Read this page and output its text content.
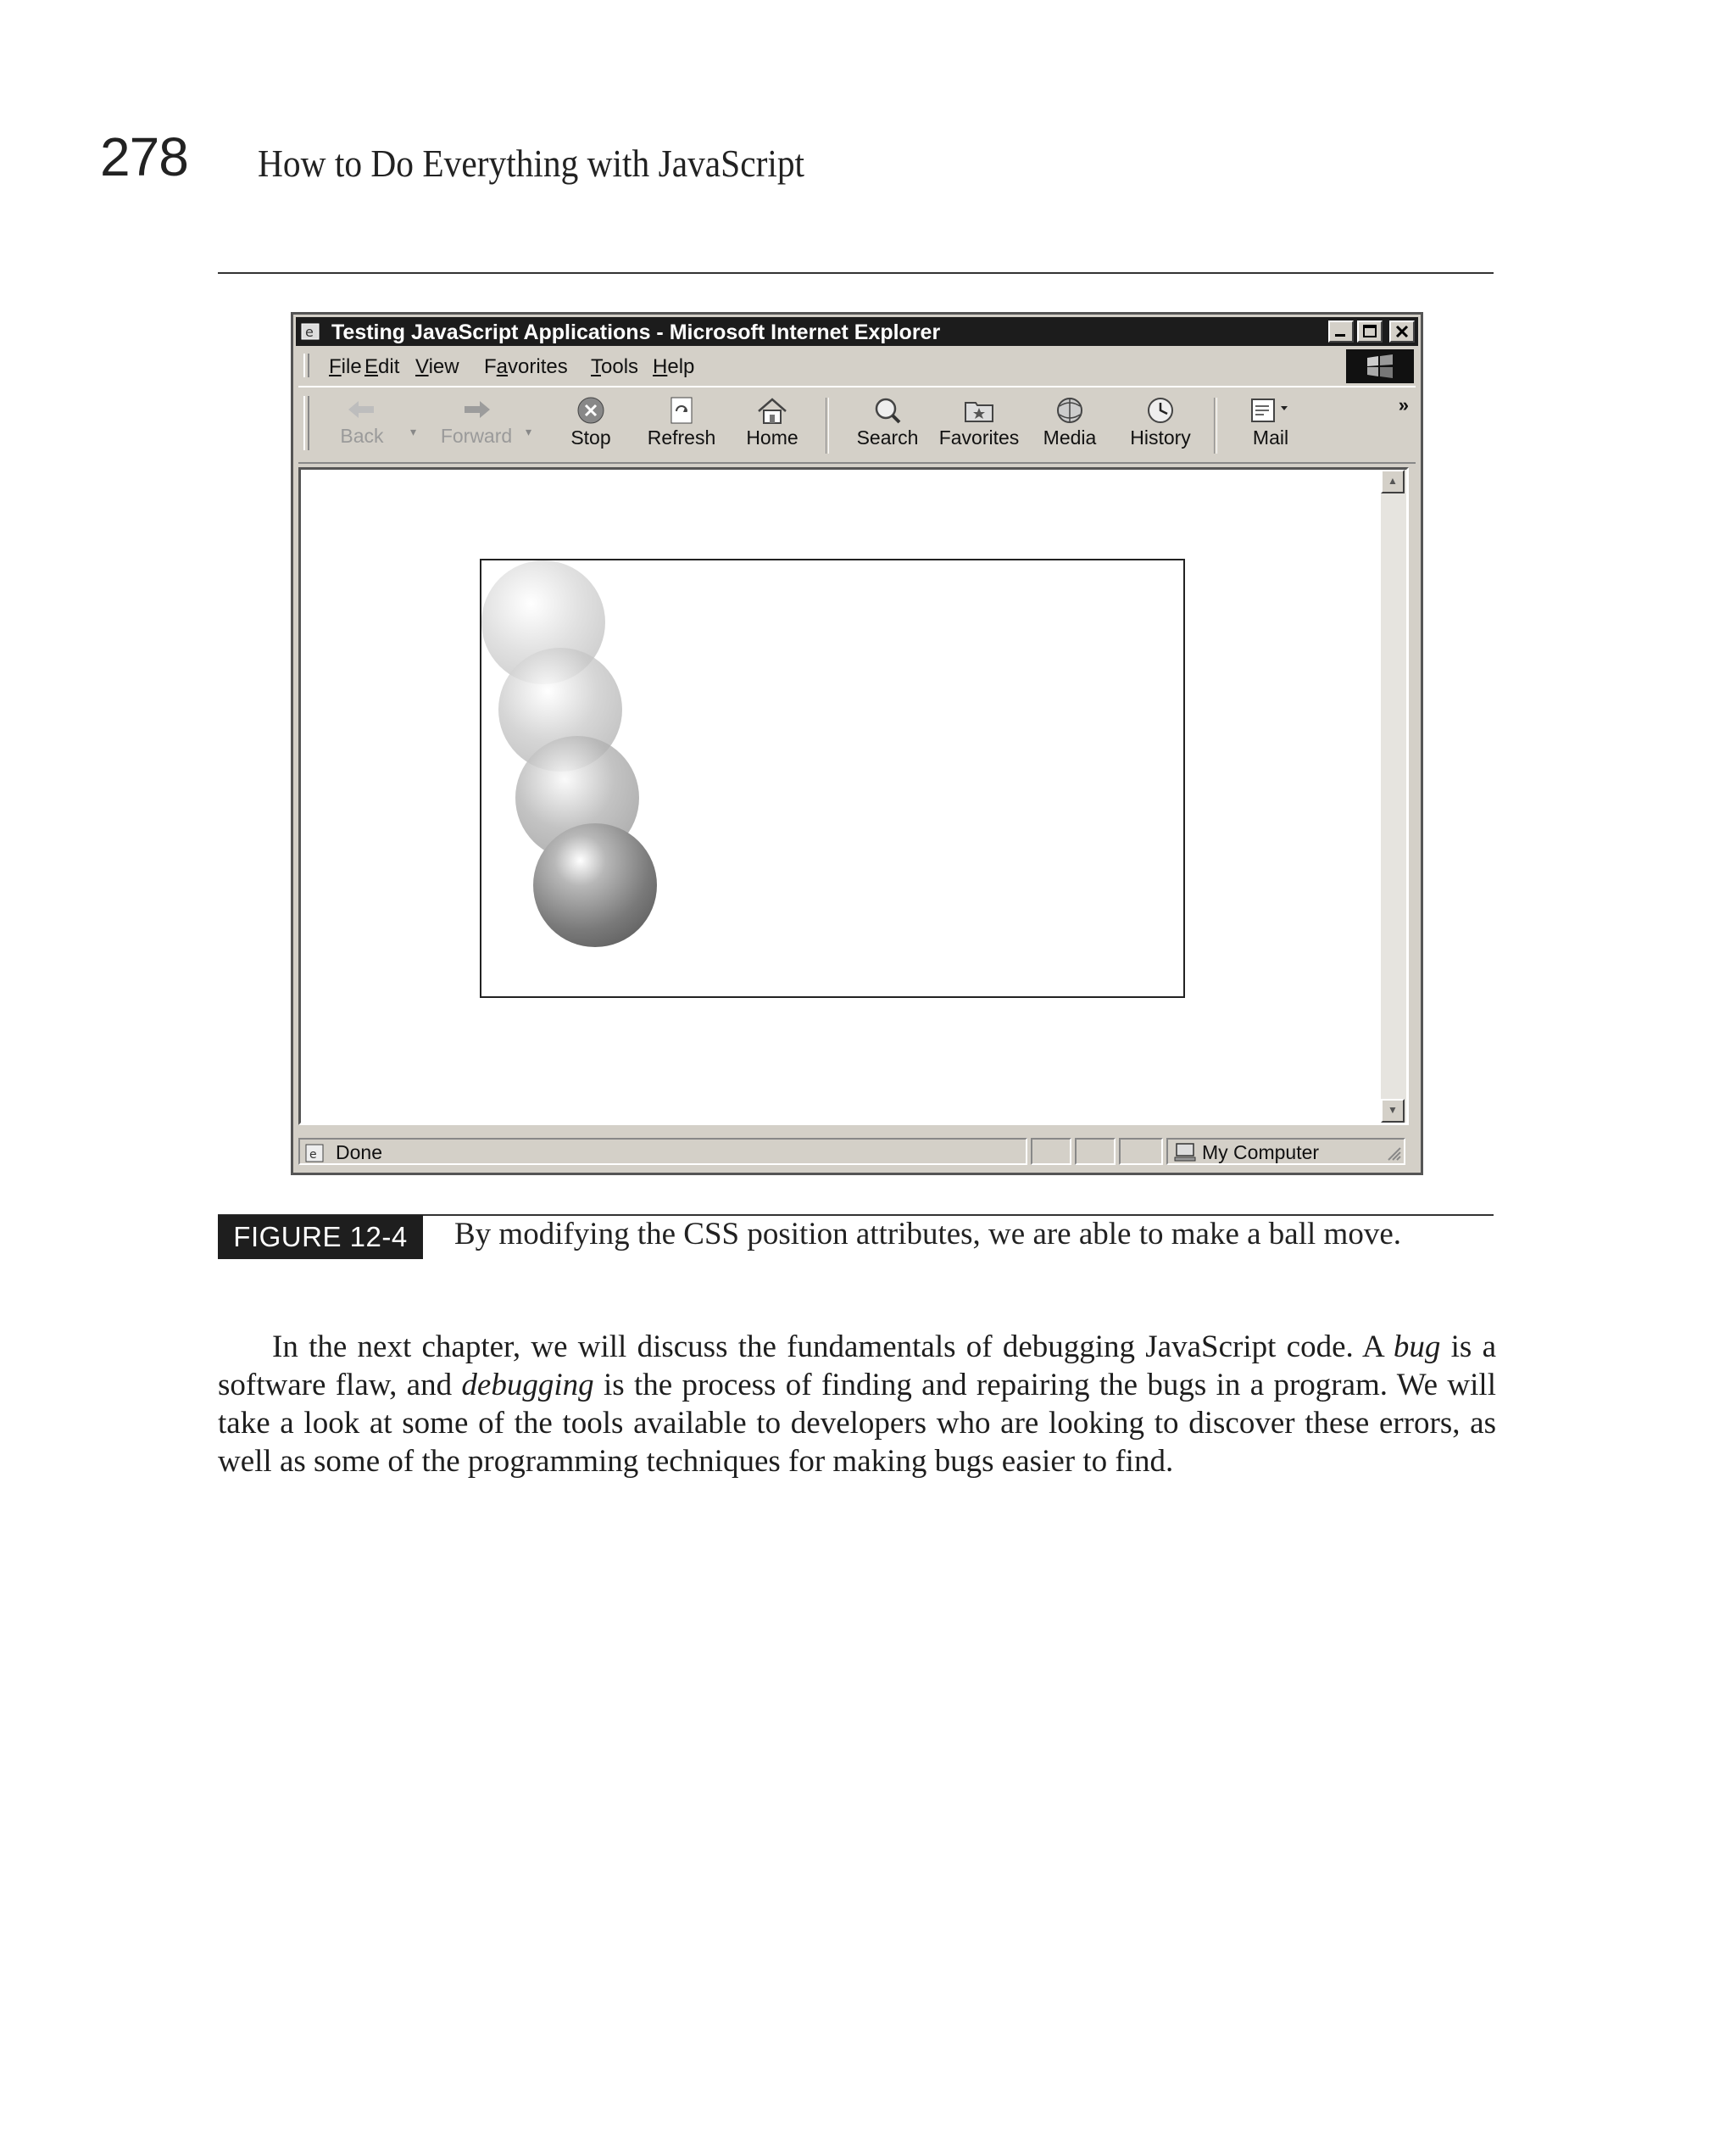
278 How to Do Everything with JavaScript
e Testing JavaScript Applications - Microsoft Internet Explorer
File Edit View Favorites Tools Help
Back	▾	Forward	▾	Stop	Refresh	Home	Search	Favorites	Media	History	Mail
»
▲
▼
e Done	My Computer
FIGURE 12-4	By modifying the CSS position attributes, we are able to make a ball move.

In the next chapter, we will discuss the fundamentals of debugging JavaScript code. A bug is a software flaw, and debugging is the process of finding and repairing the bugs in a program. We will take a look at some of the tools available to developers who are looking to discover these errors, as well as some of the programming techniques for making bugs easier to find.
